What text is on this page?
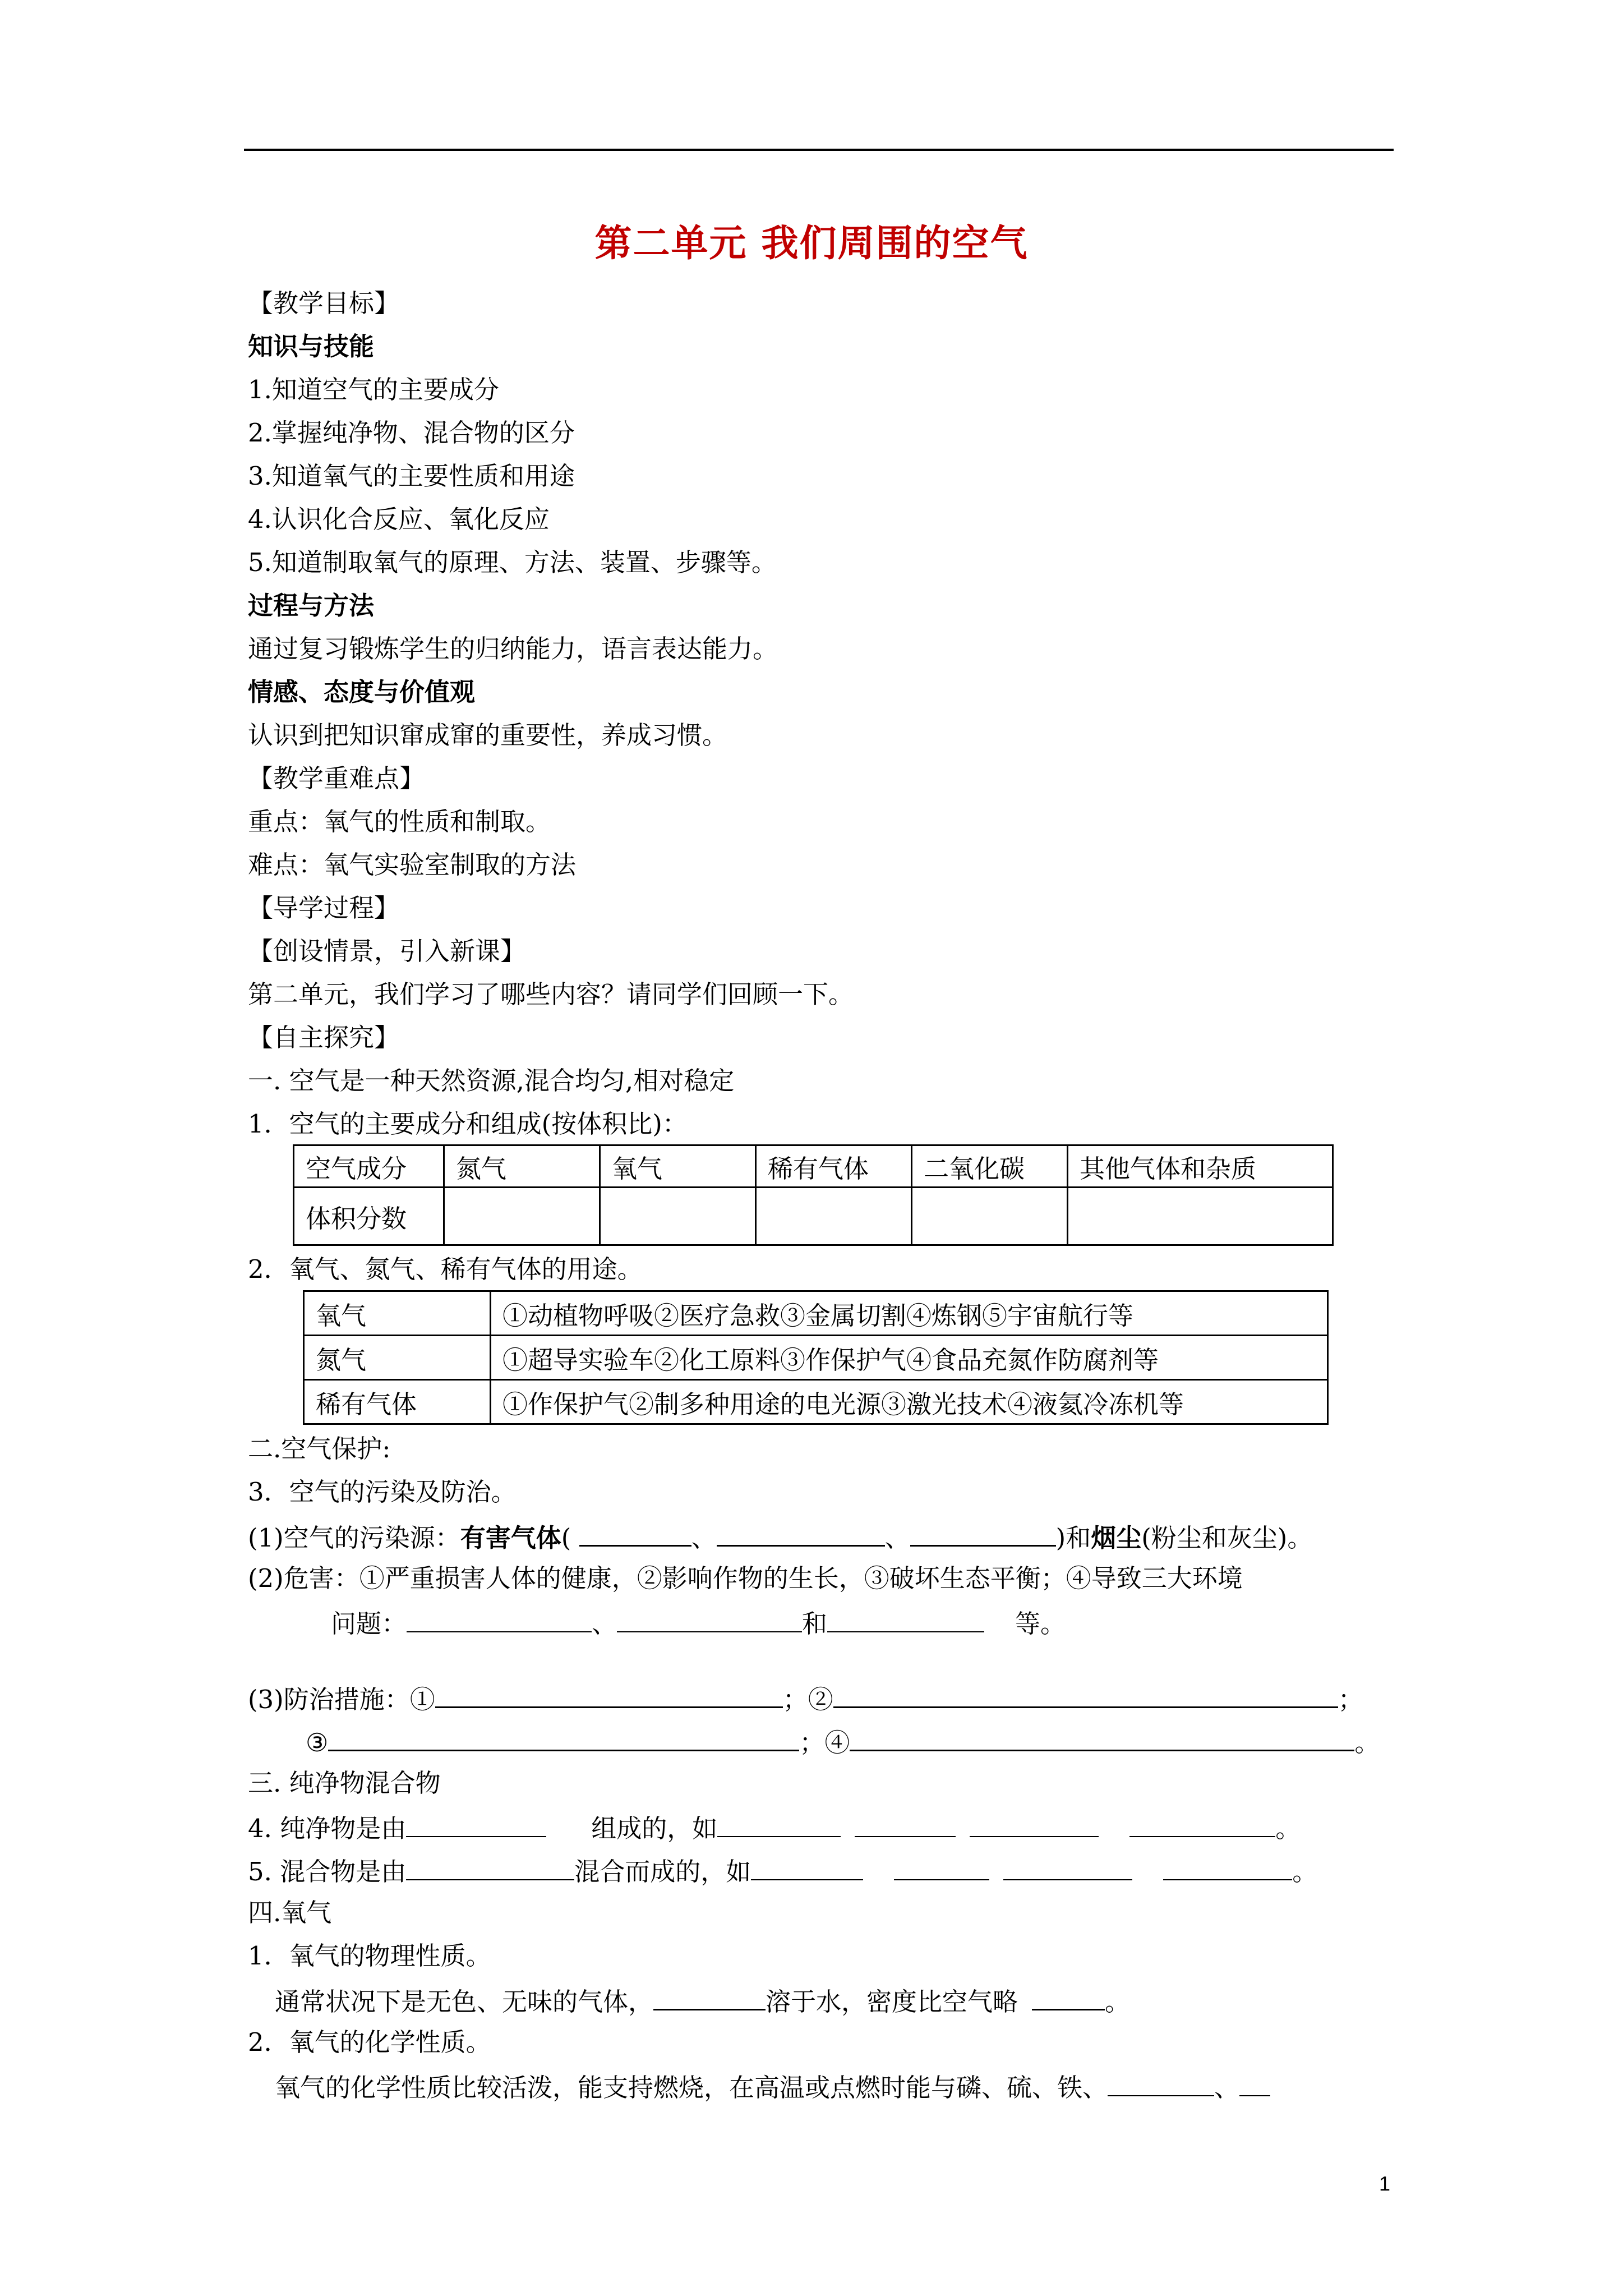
第二单元 我们周围的空气
【教学目标】
知识与技能
1.知道空气的主要成分
2.掌握纯净物、混合物的区分
3.知道氧气的主要性质和用途
4.认识化合反应、氧化反应
5.知道制取氧气的原理、方法、装置、步骤等。
过程与方法
通过复习锻炼学生的归纳能力，语言表达能力。
情感、态度与价值观
认识到把知识窜成窜的重要性，养成习惯。
【教学重难点】
重点：氧气的性质和制取。
难点：氧气实验室制取的方法
【导学过程】
【创设情景，引入新课】
第二单元，我们学习了哪些内容？请同学们回顾一下。
【自主探究】
一. 空气是一种天然资源,混合均匀,相对稳定
1．空气的主要成分和组成(按体积比)：
空气成分	氮气	氧气	稀有气体	二氧化碳	其他气体和杂质
体积分数					
2．氧气、氮气、稀有气体的用途。
氧气	①动植物呼吸②医疗急救③金属切割④炼钢⑤宇宙航行等
氮气	①超导实验车②化工原料③作保护气④食品充氮作防腐剂等
稀有气体	①作保护气②制多种用途的电光源③激光技术④液氦冷冻机等
二.空气保护:
3．空气的污染及防治。
(1)空气的污染源：有害气体(	、	、	)和烟尘(粉尘和灰尘)。
(2)危害：①严重损害人体的健康，②影响作物的生长，③破坏生态平衡；④导致三大环境
问题：	、	和	等。
(3)防治措施：①	；②	；
③	；④	。
三. 纯净物混合物
4. 纯净物是由	组成的，如	。
5. 混合物是由	混合而成的，如	。
四.氧气
1．氧气的物理性质。
通常状况下是无色、无味的气体，	溶于水，密度比空气略	。
2．氧气的化学性质。
氧气的化学性质比较活泼，能支持燃烧，在高温或点燃时能与磷、硫、铁、	、
1
